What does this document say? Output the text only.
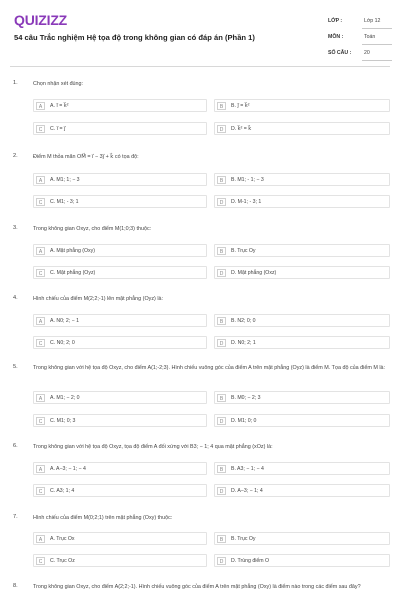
QUIZIZZ
54 câu Trắc nghiệm Hệ tọa độ trong không gian có đáp án (Phần 1)
LỚP :	Lớp 12
MÔN :	Toán
SỐ CÂU : 20
1.	Chọn nhận xét đúng:
A	A. i⃗ = k⃗²	B	B. j⃗ = k⃗²
C	C. i⃗ = j⃗	D	D. k⃗² = k⃗
2.	Điểm M thỏa mãn OM⃗ = i⃗ − 3j⃗ + k⃗ có tọa độ:
A	A. M1; 1; − 3	B	B. M1; - 1; − 3
C	C. M1; - 3; 1	D	D. M-1; - 3; 1
3.	Trong không gian Oxyz, cho điểm M(1;0;3) thuộc:
A	A. Mặt phẳng (Oxy)	B	B. Trục Oy
C	C. Mặt phẳng (Oyz)	D	D. Mặt phẳng (Oxz)
4.	Hình chiếu của điểm M(2;2;-1) lên mặt phẳng (Oyz) là:
A	A. N0; 2; − 1	B	B. N2; 0; 0
C	C. N0; 2; 0	D	D. N0; 2; 1
5.	Trong không gian với hệ tọa độ Oxyz, cho điểm A(1;-2;3). Hình chiếu vuông góc của điểm A trên mặt phẳng (Oyz) là điểm M. Tọa độ của điểm M là:
A	A. M1; − 2; 0	B	B. M0; − 2; 3
C	C. M1; 0; 3	D	D. M1; 0; 0
6.	Trong không gian với hệ tọa độ Oxyz, tọa độ điểm A đối xứng với B3; − 1; 4 qua mặt phẳng (xOz) là:
A	A. A−3; − 1; − 4	B	B. A3; − 1; − 4
C	C. A3; 1; 4	D	D. A−3; − 1; 4
7.	Hình chiếu của điểm M(0;2;1) trên mặt phẳng (Oxy) thuộc:
A	A. Trục Ox	B	B. Trục Oy
C	C. Trục Oz	D	D. Trùng điểm O
8.	Trong không gian Oxyz, cho điểm A(2;2;-1). Hình chiếu vuông góc của điểm A trên mặt phẳng (Oxy) là điểm nào trong các điểm sau đây?
